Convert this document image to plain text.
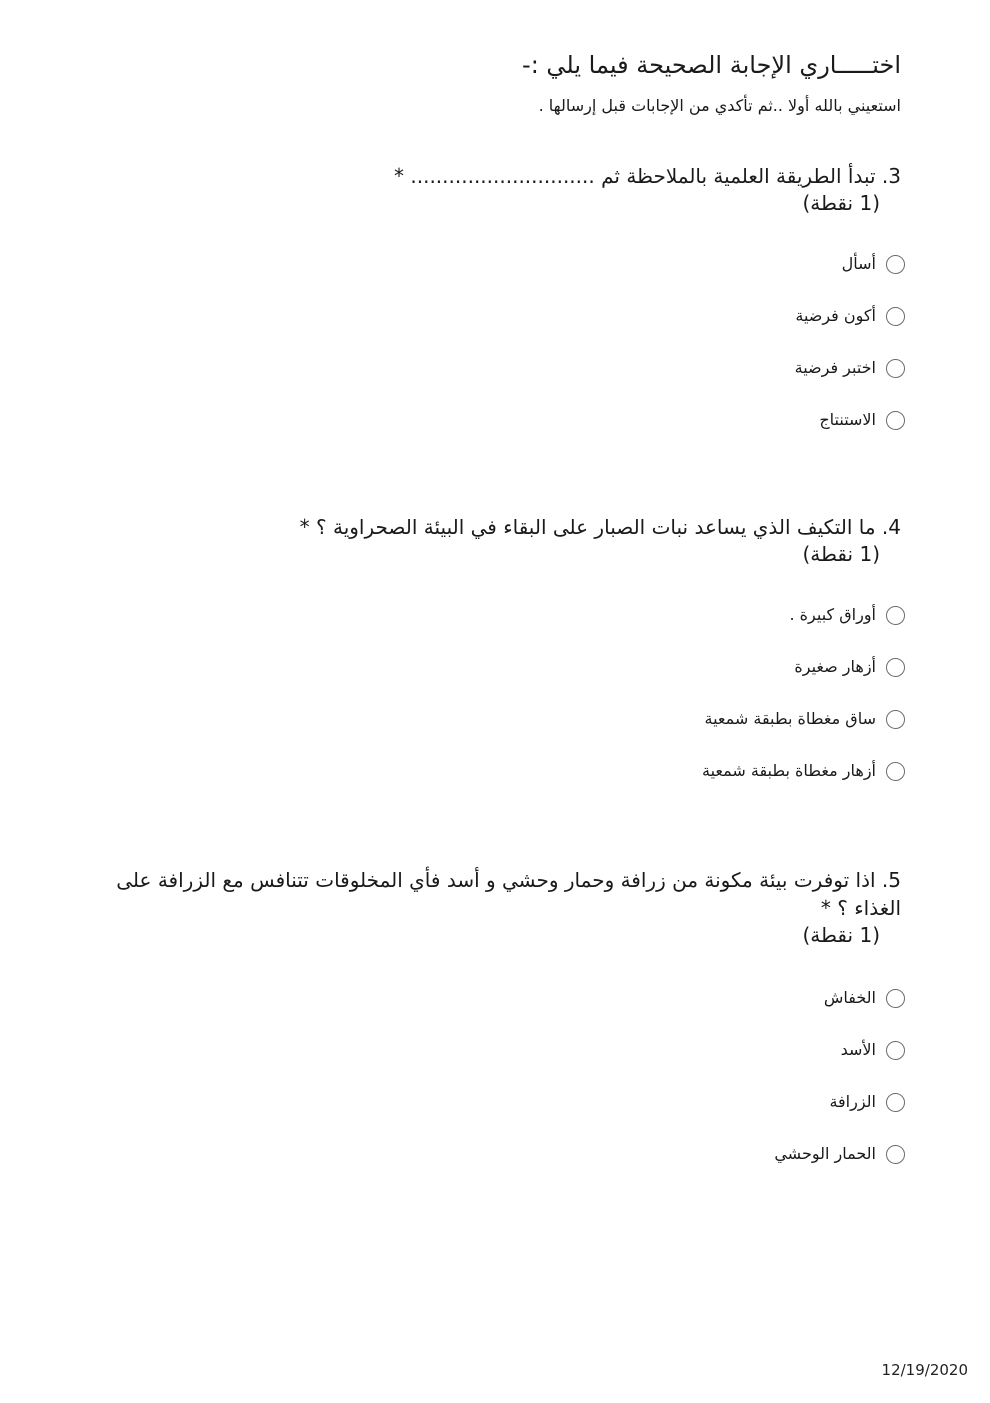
اختـــــاري الإجابة الصحيحة فيما يلي :-
استعيني بالله أولا ..ثم تأكدي من الإجابات قبل إرسالها .
3. تبدأ الطريقة العلمية بالملاحظة ثم ............................. *
(1 نقطة)
أسأل
أكون فرضية
اختبر فرضية
الاستنتاج
4. ما التكيف الذي يساعد نبات الصبار على البقاء في البيئة الصحراوية ؟ *
(1 نقطة)
أوراق كبيرة .
أزهار صغيرة
ساق مغطاة بطبقة شمعية
أزهار مغطاة بطبقة شمعية
5. اذا توفرت بيئة مكونة من زرافة وحمار وحشي و أسد فأي المخلوقات تتنافس مع الزرافة على الغذاء ؟ *
(1 نقطة)
الخفاش
الأسد
الزرافة
الحمار الوحشي
12/19/2020
